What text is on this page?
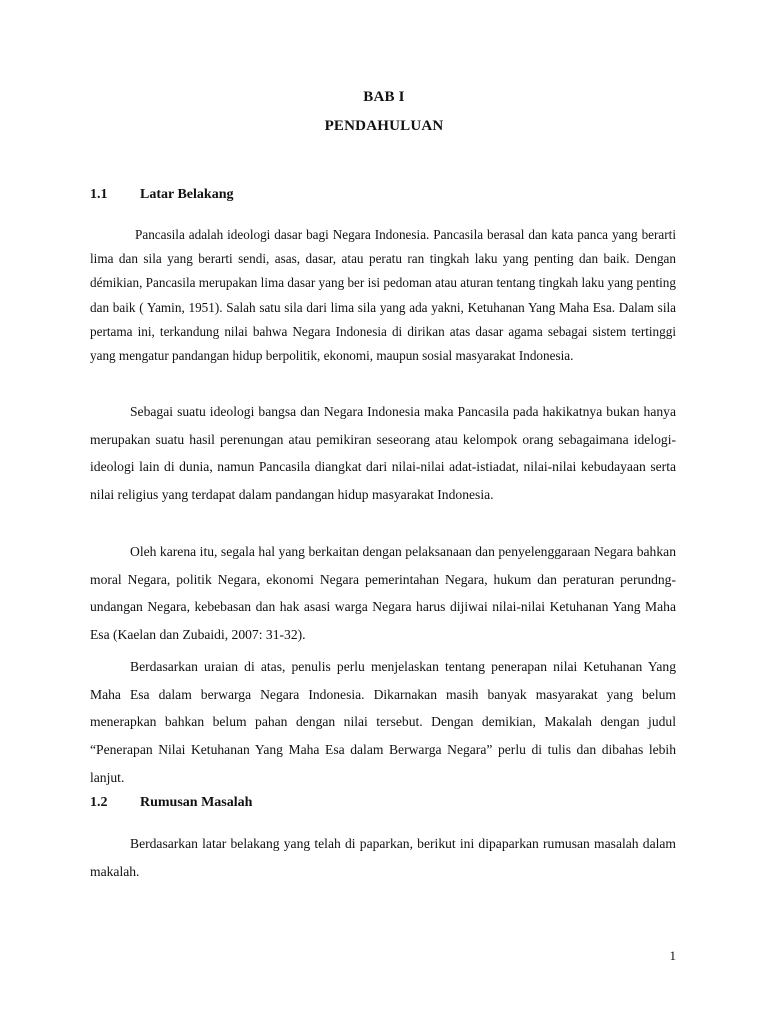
BAB I
PENDAHULUAN
1.1 Latar Belakang

Pancasila adalah ideologi dasar bagi Negara Indonesia. Pancasila berasal dan kata panca yang berarti lima dan sila yang berarti sendi, asas, dasar, atau peratu ran tingkah laku yang penting dan baik. Dengan démikian, Pancasila merupakan lima dasar yang ber isi pedoman atau aturan tentang tingkah laku yang penting dan baik ( Yamin, 1951). Salah satu sila dari lima sila yang ada yakni, Ketuhanan Yang Maha Esa. Dalam sila pertama ini, terkandung nilai bahwa Negara Indonesia di dirikan atas dasar agama sebagai sistem tertinggi yang mengatur pandangan hidup berpolitik, ekonomi, maupun sosial masyarakat Indonesia.

Sebagai suatu ideologi bangsa dan Negara Indonesia maka Pancasila pada hakikatnya bukan hanya merupakan suatu hasil perenungan atau pemikiran seseorang atau kelompok orang sebagaimana idelogi-ideologi lain di dunia, namun Pancasila diangkat dari nilai-nilai adat-istiadat, nilai-nilai kebudayaan serta nilai religius yang terdapat dalam pandangan hidup masyarakat Indonesia.

Oleh karena itu, segala hal yang berkaitan dengan pelaksanaan dan penyelenggaraan Negara bahkan moral Negara, politik Negara, ekonomi Negara pemerintahan Negara, hukum dan peraturan perundng-undangan Negara, kebebasan dan hak asasi warga Negara harus dijiwai nilai-nilai Ketuhanan Yang Maha Esa (Kaelan dan Zubaidi, 2007: 31-32).

Berdasarkan uraian di atas, penulis perlu menjelaskan tentang penerapan nilai Ketuhanan Yang Maha Esa dalam berwarga Negara Indonesia. Dikarnakan masih banyak masyarakat yang belum menerapkan bahkan belum pahan dengan nilai tersebut. Dengan demikian, Makalah dengan judul “Penerapan Nilai Ketuhanan Yang Maha Esa dalam Berwarga Negara” perlu di tulis dan dibahas lebih lanjut.

1.2 Rumusan Masalah

Berdasarkan latar belakang yang telah di paparkan, berikut ini dipaparkan rumusan masalah dalam makalah.

1
